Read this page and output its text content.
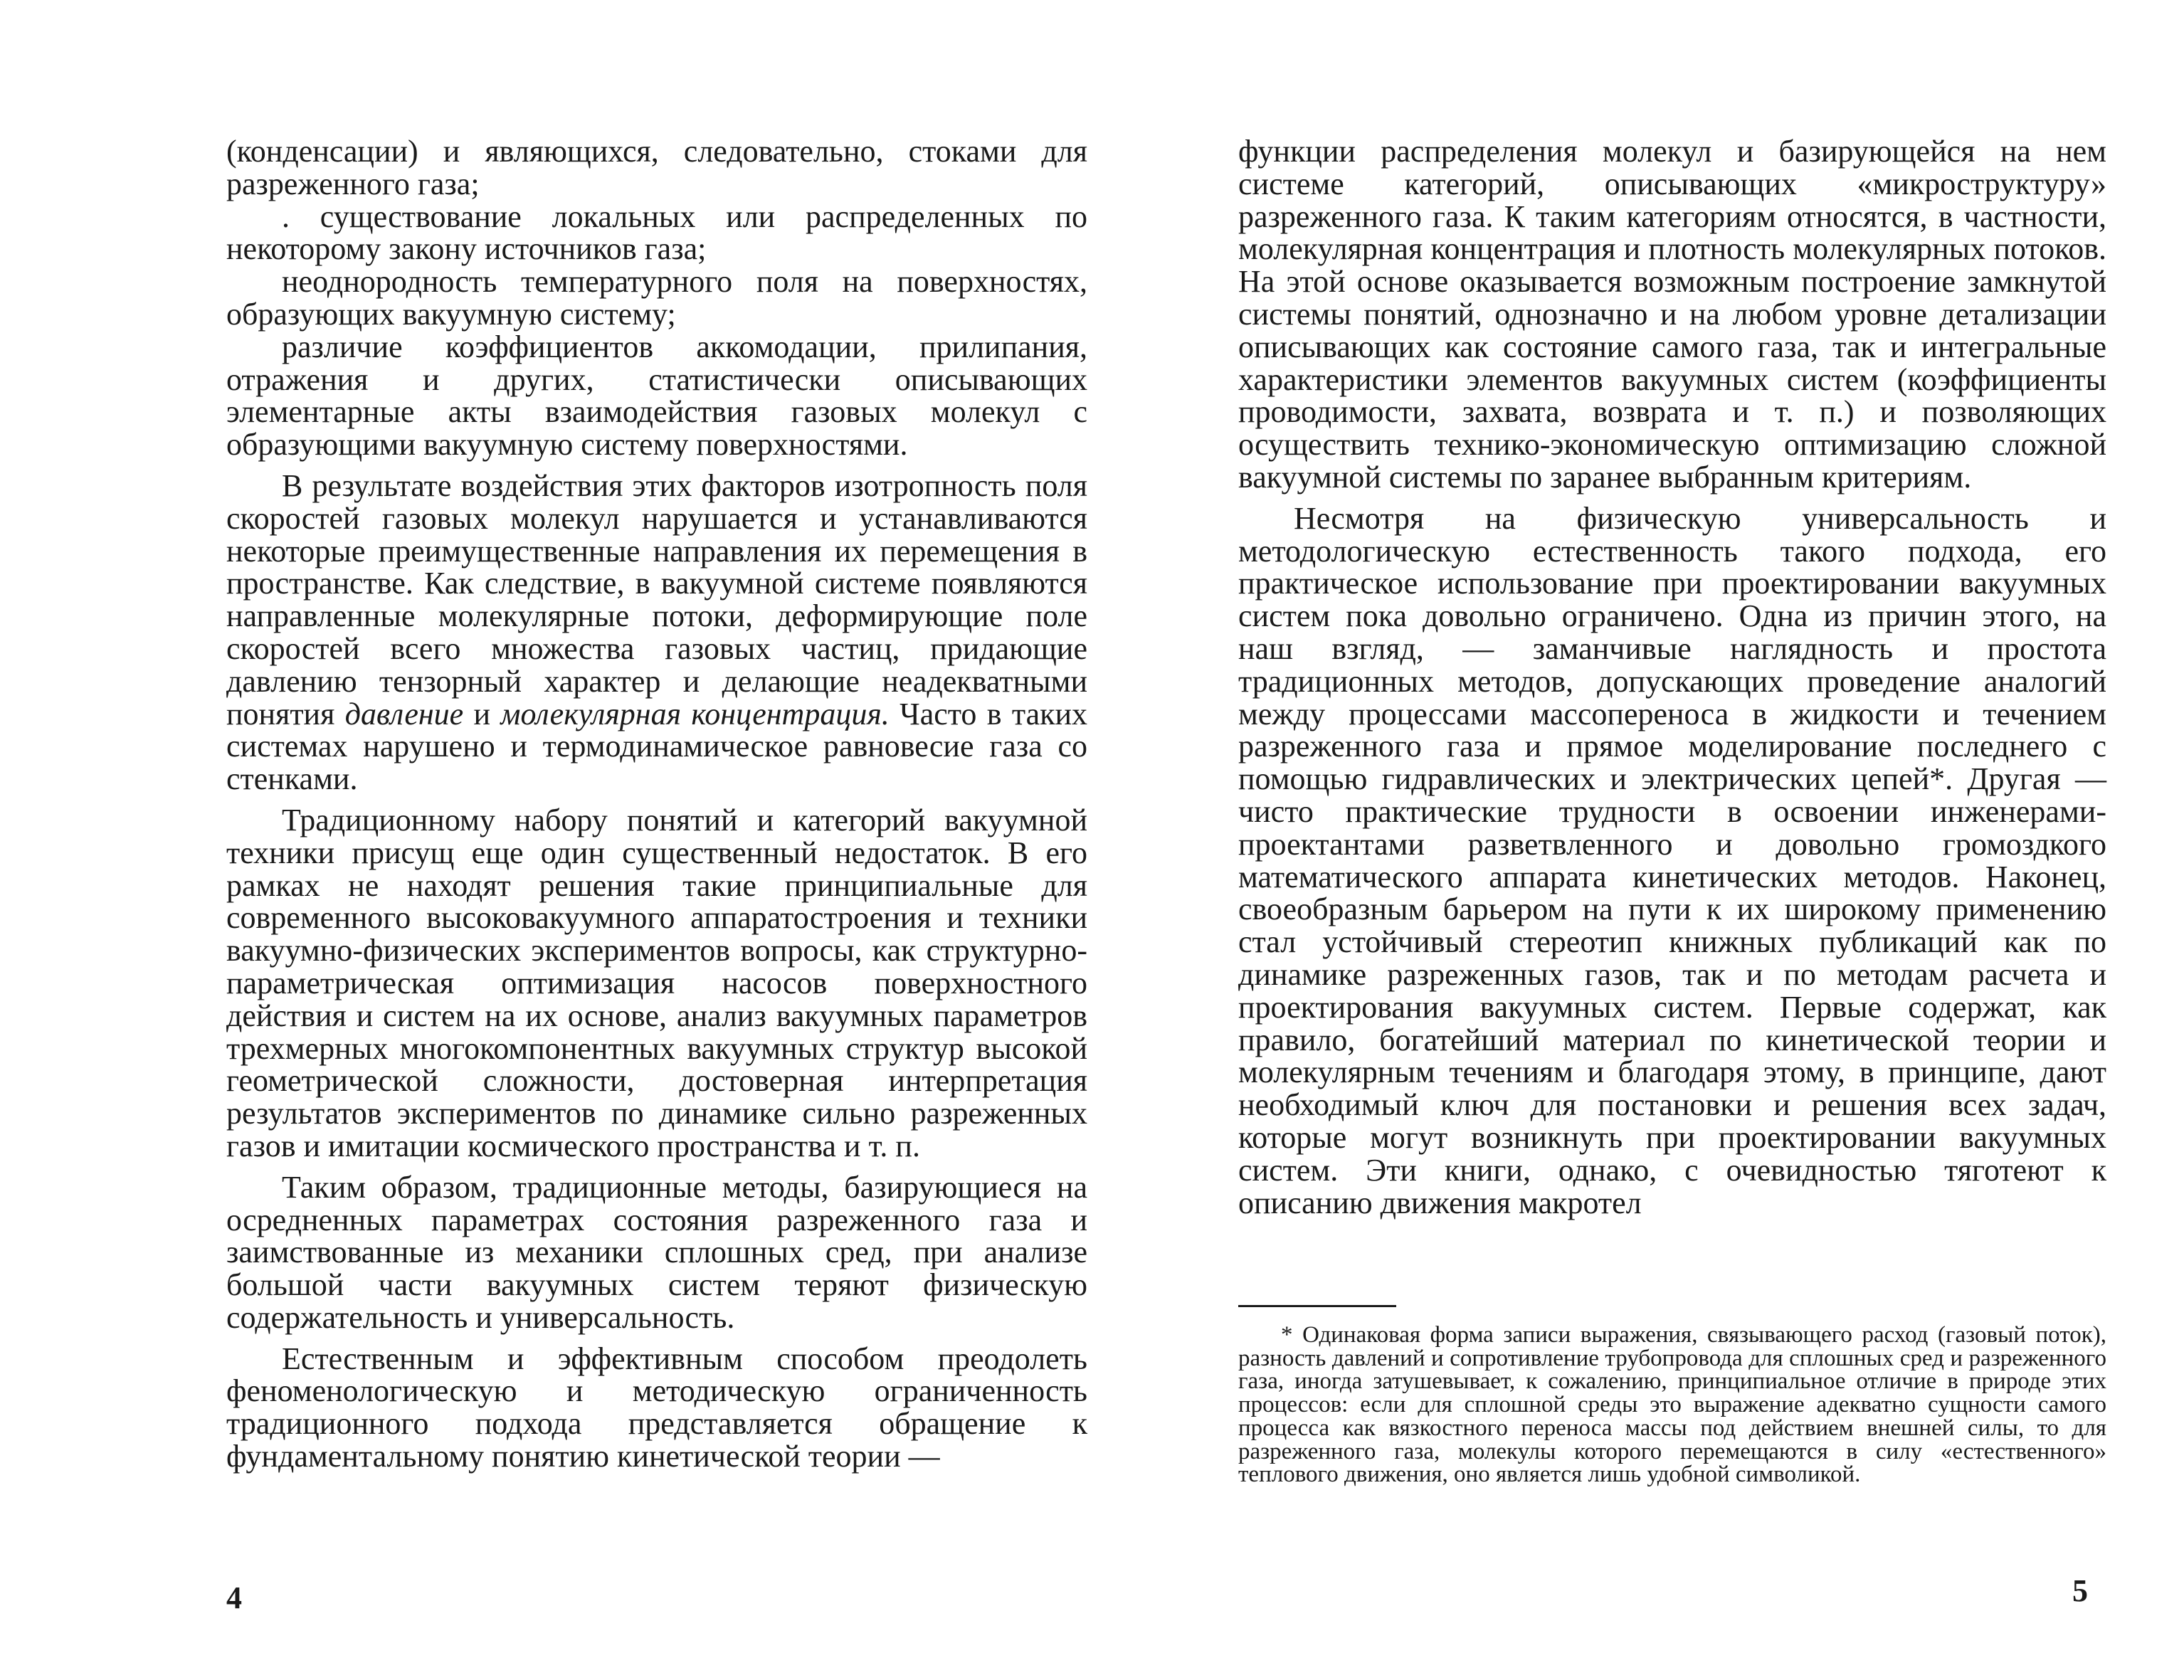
(конденсации) и являющихся, следовательно, стоками для разреженного газа;

. существование локальных или распределенных по некоторому закону источников газа;

неоднородность температурного поля на поверхностях, образующих вакуумную систему;

различие коэффициентов аккомодации, прилипания, отражения и других, статистически описывающих элементарные акты взаимодействия газовых молекул с образующими вакуумную систему поверхностями.

В результате воздействия этих факторов изотропность поля скоростей газовых молекул нарушается и устанавливаются некоторые преимущественные направления их перемещения в пространстве. Как следствие, в вакуумной системе появляются направленные молекулярные потоки, деформирующие поле скоростей всего множества газовых частиц, придающие давлению тензорный характер и делающие неадекватными понятия давление и молекулярная концентрация. Часто в таких системах нарушено и термодинамическое равновесие газа со стенками.

Традиционному набору понятий и категорий вакуумной техники присущ еще один существенный недостаток. В его рамках не находят решения такие принципиальные для современного высоковакуумного аппаратостроения и техники вакуумно-физических экспериментов вопросы, как структурно-параметрическая оптимизация насосов поверхностного действия и систем на их основе, анализ вакуумных параметров трехмерных многокомпонентных вакуумных структур высокой геометрической сложности, достоверная интерпретация результатов экспериментов по динамике сильно разреженных газов и имитации космического пространства и т. п.

Таким образом, традиционные методы, базирующиеся на осредненных параметрах состояния разреженного газа и заимствованные из механики сплошных сред, при анализе большой части вакуумных систем теряют физическую содержательность и универсальность.

Естественным и эффективным способом преодолеть феноменологическую и методическую ограниченность традиционного подхода представляется обращение к фундаментальному понятию кинетической теории —

4

функции распределения молекул и базирующейся на нем системе категорий, описывающих «микроструктуру» разреженного газа. К таким категориям относятся, в частности, молекулярная концентрация и плотность молекулярных потоков. На этой основе оказывается возможным построение замкнутой системы понятий, однозначно и на любом уровне детализации описывающих как состояние самого газа, так и интегральные характеристики элементов вакуумных систем (коэффициенты проводимости, захвата, возврата и т. п.) и позволяющих осуществить технико-экономическую оптимизацию сложной вакуумной системы по заранее выбранным критериям.

Несмотря на физическую универсальность и методологическую естественность такого подхода, его практическое использование при проектировании вакуумных систем пока довольно ограничено. Одна из причин этого, на наш взгляд, — заманчивые наглядность и простота традиционных методов, допускающих проведение аналогий между процессами массопереноса в жидкости и течением разреженного газа и прямое моделирование последнего с помощью гидравлических и электрических цепей*. Другая — чисто практические трудности в освоении инженерами-проектантами разветвленного и довольно громоздкого математического аппарата кинетических методов. Наконец, своеобразным барьером на пути к их широкому применению стал устойчивый стереотип книжных публикаций как по динамике разреженных газов, так и по методам расчета и проектирования вакуумных систем. Первые содержат, как правило, богатейший материал по кинетической теории и молекулярным течениям и благодаря этому, в принципе, дают необходимый ключ для постановки и решения всех задач, которые могут возникнуть при проектировании вакуумных систем. Эти книги, однако, с очевидностью тяготеют к описанию движения макротел

* Одинаковая форма записи выражения, связывающего расход (газовый поток), разность давлений и сопротивление трубопровода для сплошных сред и разреженного газа, иногда затушевывает, к сожалению, принципиальное отличие в природе этих процессов: если для сплошной среды это выражение адекватно сущности самого процесса как вязкостного переноса массы под действием внешней силы, то для разреженного газа, молекулы которого перемещаются в силу «естественного» теплового движения, оно является лишь удобной символикой.

5
